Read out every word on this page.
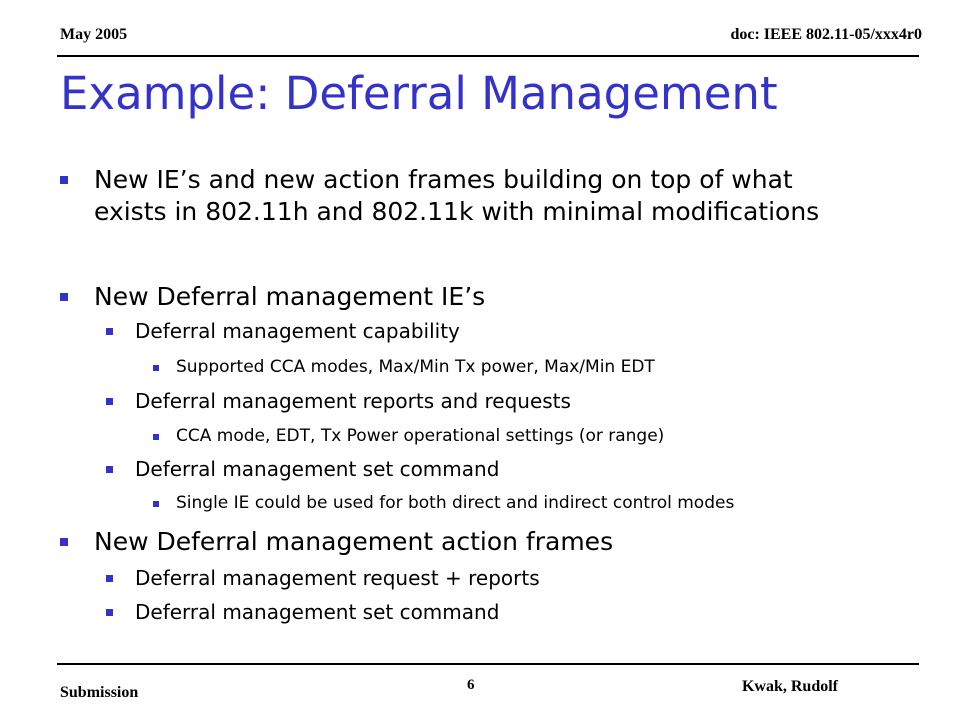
May 2005	doc: IEEE 802.11-05/xxx4r0
Example: Deferral Management
New IE’s and new action frames building on top of what
exists in 802.11h and 802.11k with minimal modifications
New Deferral management IE’s
Deferral management capability
Supported CCA modes, Max/Min Tx power, Max/Min EDT
Deferral management reports and requests
CCA mode, EDT, Tx Power operational settings (or range)
Deferral management set command
Single IE could be used for both direct and indirect control modes
New Deferral management action frames
Deferral management request + reports
Deferral management set command
Submission	6	Kwak, Rudolf
